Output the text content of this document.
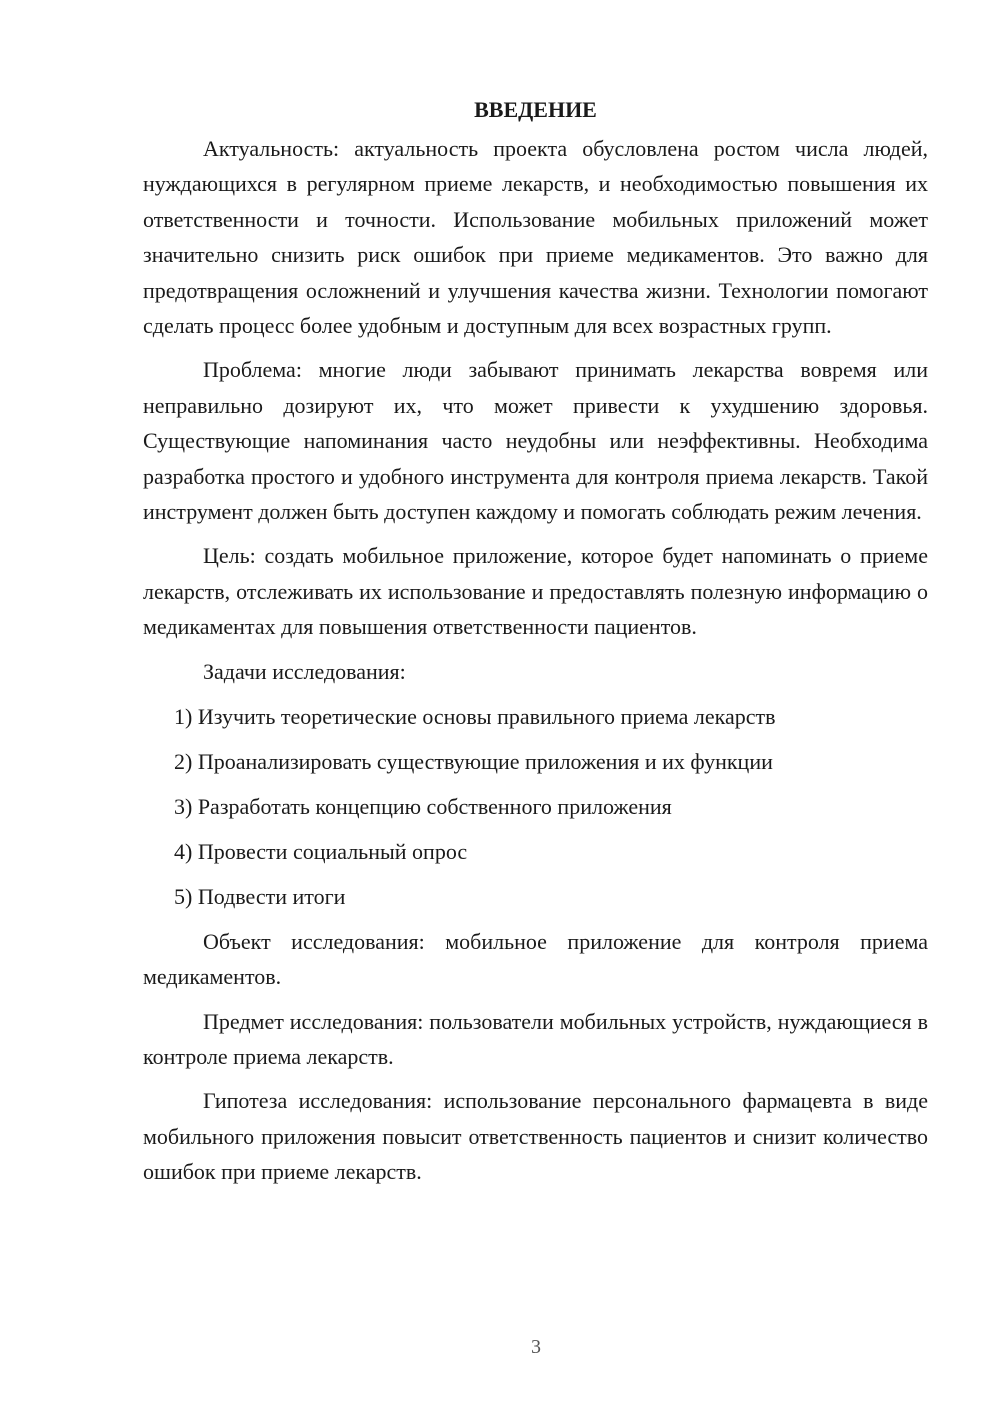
ВВЕДЕНИЕ

Актуальность: актуальность проекта обусловлена ростом числа людей, нуждающихся в регулярном приеме лекарств, и необходимостью повышения их ответственности и точности. Использование мобильных приложений может значительно снизить риск ошибок при приеме медикаментов. Это важно для предотвращения осложнений и улучшения качества жизни. Технологии помогают сделать процесс более удобным и доступным для всех возрастных групп.

Проблема: многие люди забывают принимать лекарства вовремя или неправильно дозируют их, что может привести к ухудшению здоровья. Существующие напоминания часто неудобны или неэффективны. Необходима разработка простого и удобного инструмента для контроля приема лекарств. Такой инструмент должен быть доступен каждому и помогать соблюдать режим лечения.

Цель: создать мобильное приложение, которое будет напоминать о приеме лекарств, отслеживать их использование и предоставлять полезную информацию о медикаментах для повышения ответственности пациентов.

Задачи исследования:

1) Изучить теоретические основы правильного приема лекарств
2) Проанализировать существующие приложения и их функции
3) Разработать концепцию собственного приложения
4) Провести социальный опрос
5) Подвести итоги

Объект исследования: мобильное приложение для контроля приема медикаментов.

Предмет исследования: пользователи мобильных устройств, нуждающиеся в контроле приема лекарств.

Гипотеза исследования: использование персонального фармацевта в виде мобильного приложения повысит ответственность пациентов и снизит количество ошибок при приеме лекарств.

3
